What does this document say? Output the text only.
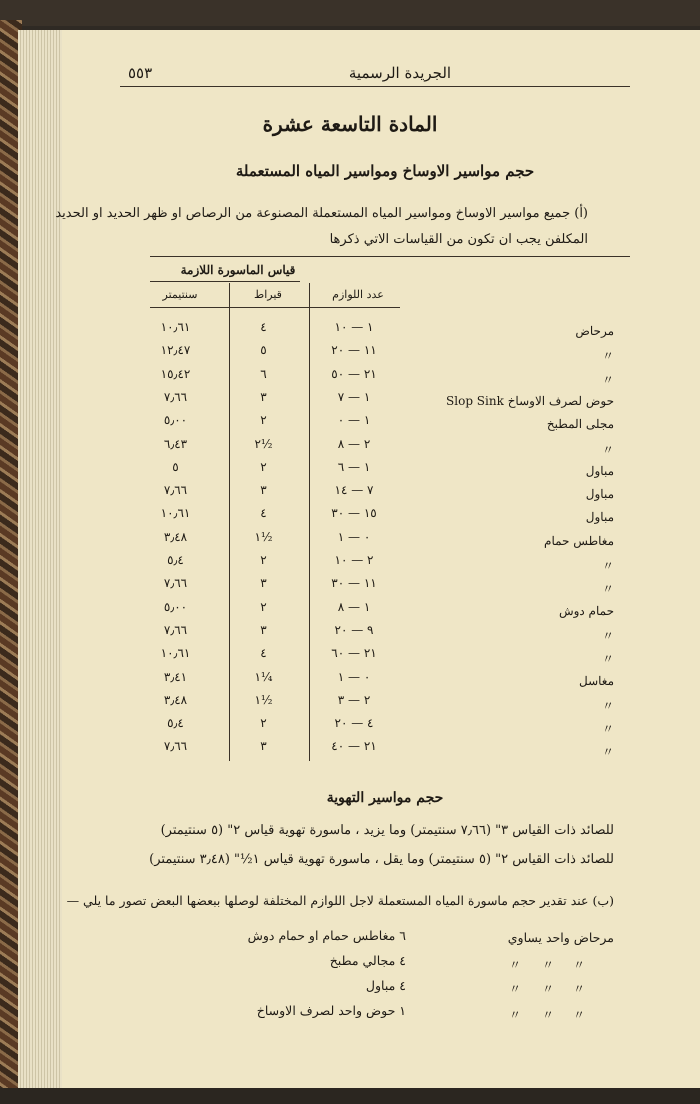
الجريدة الرسمية
٥٥٣
المادة التاسعة عشرة
حجم مواسير الاوساخ ومواسير المياه المستعملة
(أ) جميع مواسير الاوساخ ومواسير المياه المستعملة المصنوعة من الرصاص او ظهر الحديد او الحديد
المكلفن يجب ان تكون من القياسات الاتي ذكرها
قياس الماسورة اللازمة
سنتيمتر	قيراط	عدد اللوازم
مرحاض
١ — ١٠
٤
١٠٫٦١
〃
١١ — ٢٠
٥
١٢٫٤٧
〃
٢١ — ٥٠
٦
١٥٫٤٢
حوض لصرف الاوساخ Slop Sink
١ — ٧
٣
٧٫٦٦
مجلى المطبخ
١ — ٠
٢
٥٫٠٠
〃
٢ — ٨
٢½
٦٫٤٣
مباول
١ — ٦
٢
٥
مباول
٧ — ١٤
٣
٧٫٦٦
مباول
١٥ — ٣٠
٤
١٠٫٦١
مغاطس حمام
٠ — ١
١½
٣٫٤٨
〃
٢ — ١٠
٢
٥٫٤
〃
١١ — ٣٠
٣
٧٫٦٦
حمام دوش
١ — ٨
٢
٥٫٠٠
〃
٩ — ٢٠
٣
٧٫٦٦
〃
٢١ — ٦٠
٤
١٠٫٦١
مغاسل
٠ — ١
١¼
٣٫٤١
〃
٢ — ٣
١½
٣٫٤٨
〃
٤ — ٢٠
٢
٥٫٤
〃
٢١ — ٤٠
٣
٧٫٦٦
حجم مواسير التهوية
للصائد ذات القياس ٣" (٧٫٦٦ سنتيمتر) وما يزيد ، ماسورة تهوية قياس ٢" (٥ سنتيمتر)
للصائد ذات القياس ٢" (٥ سنتيمتر) وما يقل ، ماسورة تهوية قياس ١½" (٣٫٤٨ سنتيمتر)
(ب) عند تقدير حجم ماسورة المياه المستعملة لاجل اللوازم المختلفة لوصلها ببعضها البعض تصور ما يلي —
مرحاض واحد يساوي
〃
〃
〃
〃
〃
〃
〃
〃
〃
٦ مغاطس حمام او حمام دوش
٤ مجالي مطبخ
٤ مباول
١ حوض واحد لصرف الاوساخ
